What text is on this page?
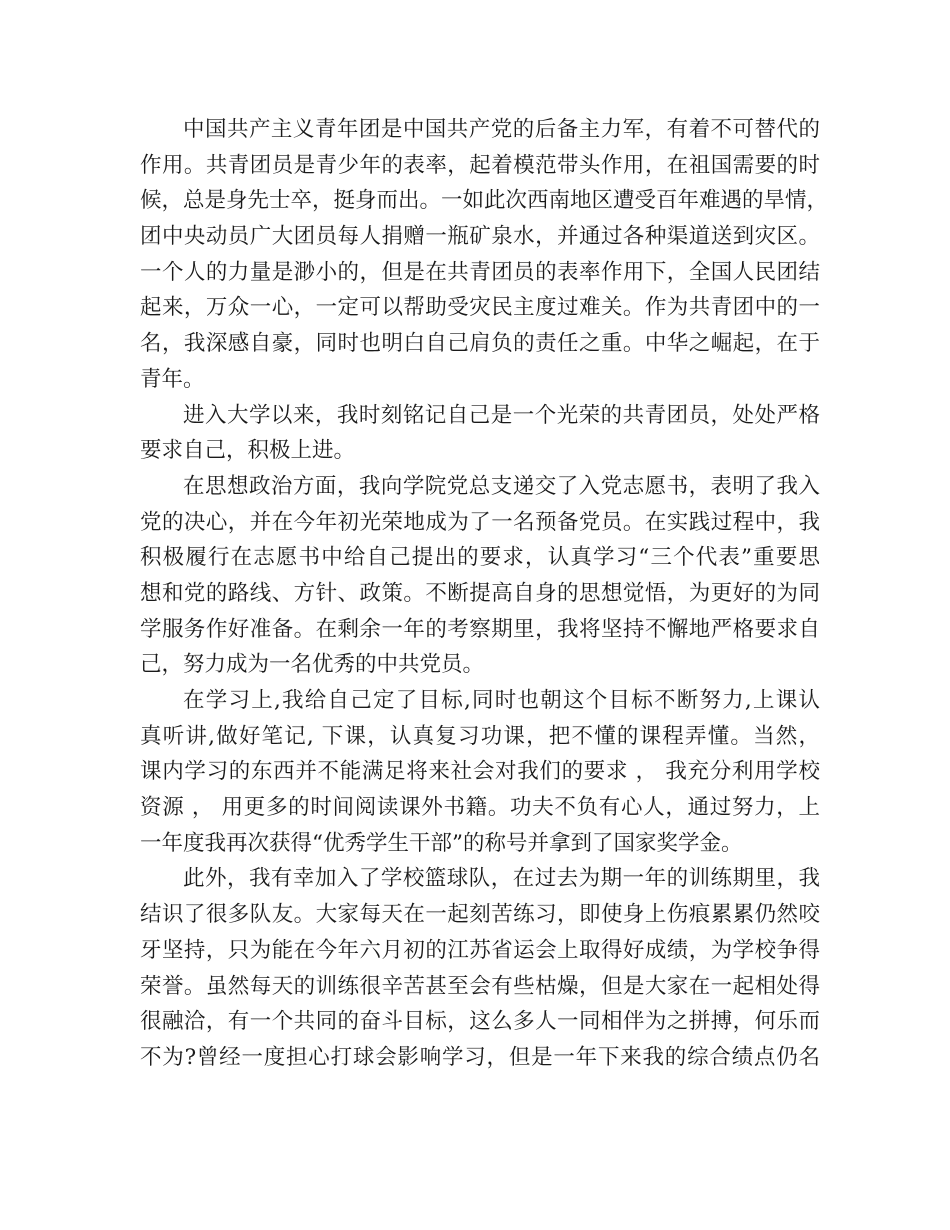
中国共产主义青年团是中国共产党的后备主力军，有着不可替代的
作用。共青团员是青少年的表率，起着模范带头作用，在祖国需要的时
候，总是身先士卒，挺身而出。一如此次西南地区遭受百年难遇的旱情，
团中央动员广大团员每人捐赠一瓶矿泉水，并通过各种渠道送到灾区。
一个人的力量是渺小的，但是在共青团员的表率作用下，全国人民团结
起来，万众一心，一定可以帮助受灾民主度过难关。作为共青团中的一
名，我深感自豪，同时也明白自己肩负的责任之重。中华之崛起，在于
青年。
进入大学以来，我时刻铭记自己是一个光荣的共青团员，处处严格
要求自己，积极上进。
在思想政治方面，我向学院党总支递交了入党志愿书，表明了我入
党的决心，并在今年初光荣地成为了一名预备党员。在实践过程中，我
积极履行在志愿书中给自己提出的要求，认真学习“三个代表”重要思
想和党的路线、方针、政策。不断提高自身的思想觉悟，为更好的为同
学服务作好准备。在剩余一年的考察期里，我将坚持不懈地严格要求自
己，努力成为一名优秀的中共党员。
在学习上,我给自己定了目标,同时也朝这个目标不断努力,上课认
真听讲,做好笔记, 下课，认真复习功课，把不懂的课程弄懂。当然，
课内学习的东西并不能满足将来社会对我们的要求 ， 我充分利用学校
资源 ， 用更多的时间阅读课外书籍。功夫不负有心人，通过努力，上
一年度我再次获得“优秀学生干部”的称号并拿到了国家奖学金。
此外，我有幸加入了学校篮球队，在过去为期一年的训练期里，我
结识了很多队友。大家每天在一起刻苦练习，即使身上伤痕累累仍然咬
牙坚持，只为能在今年六月初的江苏省运会上取得好成绩，为学校争得
荣誉。虽然每天的训练很辛苦甚至会有些枯燥，但是大家在一起相处得
很融洽，有一个共同的奋斗目标，这么多人一同相伴为之拼搏，何乐而
不为?曾经一度担心打球会影响学习，但是一年下来我的综合绩点仍名
